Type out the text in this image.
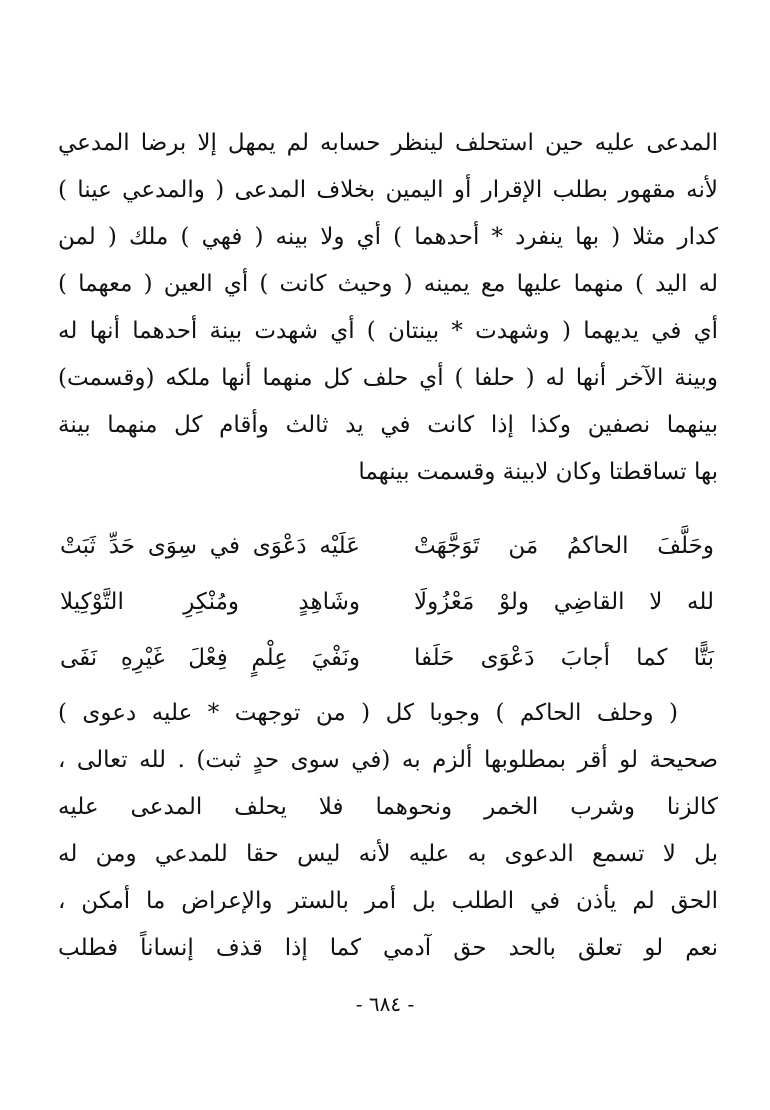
المدعى عليه حين استحلف لينظر حسابه لم يمهل إلا برضا المدعي
لأنه مقهور بطلب الإقرار أو اليمين بخلاف المدعى ( والمدعي عينا )
كدار مثلا ( بها ينفرد * أحدهما ) أي ولا بينه ( فهي ) ملك ( لمن
له اليد ) منهما عليها مع يمينه ( وحيث كانت ) أي العين ( معهما )
أي في يديهما ( وشهدت * بينتان ) أي شهدت بينة أحدهما أنها له
وبينة الآخر أنها له ( حلفا ) أي حلف كل منهما أنها ملكه (وقسمت)
بينهما نصفين وكذا إذا كانت في يد ثالث وأقام كل منهما بينة
بها تساقطتا وكان لابينة وقسمت بينهما
وحَلَّفَ الحاكمُ مَن تَوَجَّهَتْ
عَلَيْه دَعْوَى في سِوَى حَدِّ ثَبَتْ
لله لا القاضِي ولوْ مَعْزُولَا
وشَاهِدٍ ومُنْكِرِ التَّوْكِيلا
بَتًّا كما أجابَ دَعْوَى حَلَفا
ونَفْيَ عِلْمٍ فِعْلَ غَيْرِهِ نَفَى
( وحلف الحاكم ) وجوبا كل ( من توجهت * عليه دعوى )
صحيحة لو أقر بمطلوبها ألزم به (في سوى حدٍ ثبت) . لله تعالى ،
كالزنا وشرب الخمر ونحوهما فلا يحلف المدعى عليه
بل لا تسمع الدعوى به عليه لأنه ليس حقا للمدعي ومن له
الحق لم يأذن في الطلب بل أمر بالستر والإعراض ما أمكن ،
نعم لو تعلق بالحد حق آدمي كما إذا قذف إنساناً فطلب
- ٦٨٤ -
